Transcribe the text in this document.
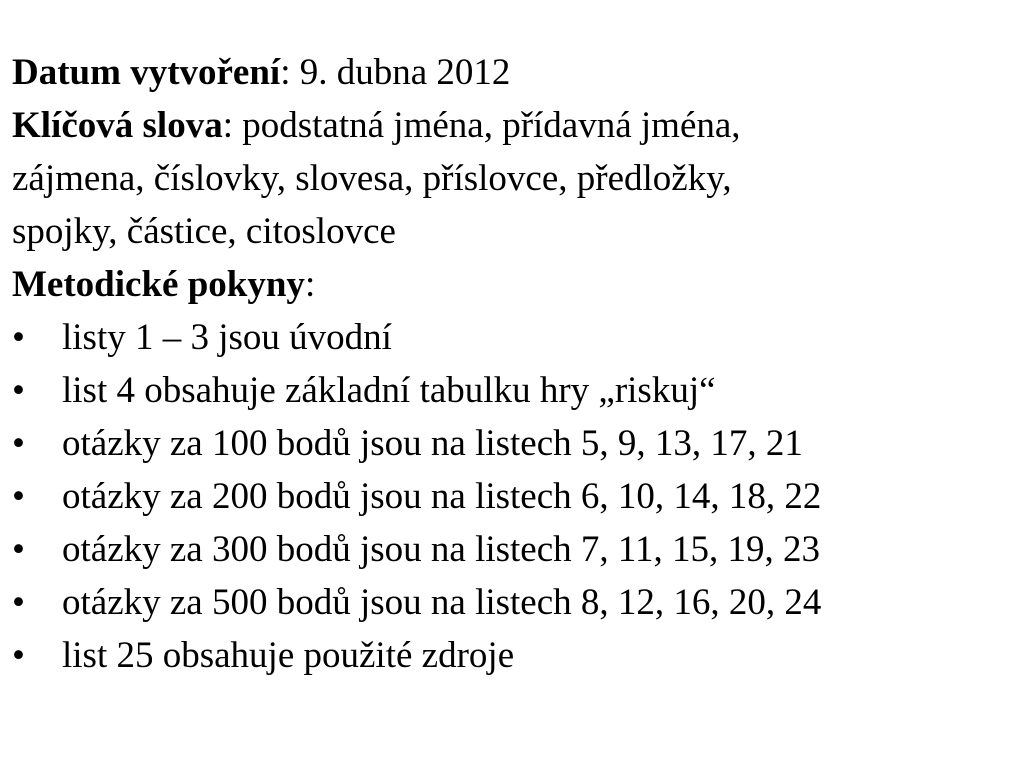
Datum vytvoření: 9. dubna 2012
Klíčová slova: podstatná jména, přídavná jména,
zájmena, číslovky, slovesa, příslovce, předložky,
spojky, částice, citoslovce
Metodické pokyny:
•	listy 1 – 3 jsou úvodní
•	list 4 obsahuje základní tabulku hry „riskuj“
•	otázky za 100 bodů jsou na listech 5, 9, 13, 17, 21
•	otázky za 200 bodů jsou na listech 6, 10, 14, 18, 22
•	otázky za 300 bodů jsou na listech 7, 11, 15, 19, 23
•	otázky za 500 bodů jsou na listech 8, 12, 16, 20, 24
•	list 25 obsahuje použité zdroje
